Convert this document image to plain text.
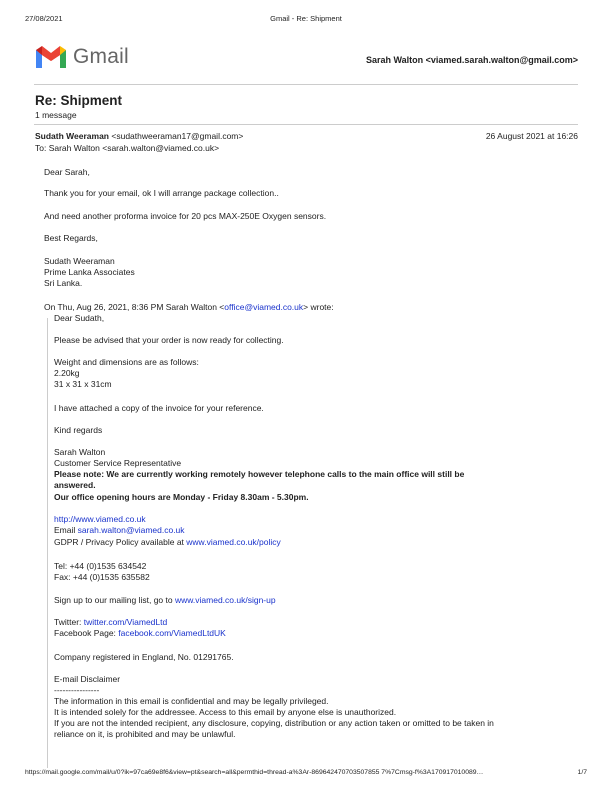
27/08/2021	Gmail - Re: Shipment
Gmail	Sarah Walton <viamed.sarah.walton@gmail.com>
Re: Shipment
1 message
Sudath Weeraman <sudathweeraman17@gmail.com>	26 August 2021 at 16:26
To: Sarah Walton <sarah.walton@viamed.co.uk>
Dear Sarah,
Thank you for your email, ok I will arrange package collection..
And need another proforma invoice for 20 pcs MAX-250E Oxygen sensors.
Best Regards,
Sudath Weeraman
Prime Lanka Associates
Sri Lanka.
On Thu, Aug 26, 2021, 8:36 PM Sarah Walton <office@viamed.co.uk> wrote:
Dear Sudath,
Please be advised that your order is now ready for collecting.
Weight and dimensions are as follows:
2.20kg
31 x 31 x 31cm
I have attached a copy of the invoice for your reference.
Kind regards
Sarah Walton
Customer Service Representative
Please note: We are currently working remotely however telephone calls to the main office will still be
answered.
Our office opening hours are Monday - Friday 8.30am - 5.30pm.
http://www.viamed.co.uk
Email sarah.walton@viamed.co.uk
GDPR / Privacy Policy available at www.viamed.co.uk/policy
Tel: +44 (0)1535 634542
Fax: +44 (0)1535 635582
Sign up to our mailing list, go to www.viamed.co.uk/sign-up
Twitter: twitter.com/ViamedLtd
Facebook Page: facebook.com/ViamedLtdUK
Company registered in England, No. 01291765.
E-mail Disclaimer
----------------
The information in this email is confidential and may be legally privileged.
It is intended solely for the addressee. Access to this email by anyone else is unauthorized.
If you are not the intended recipient, any disclosure, copying, distribution or any action taken or omitted to be taken in
reliance on it, is prohibited and may be unlawful.
https://mail.google.com/mail/u/0?ik=97ca69e8f6&view=pt&search=all&permthid=thread-a%3Ar-869642470703507855 7%7Cmsg-f%3A170917010089…	1/7
